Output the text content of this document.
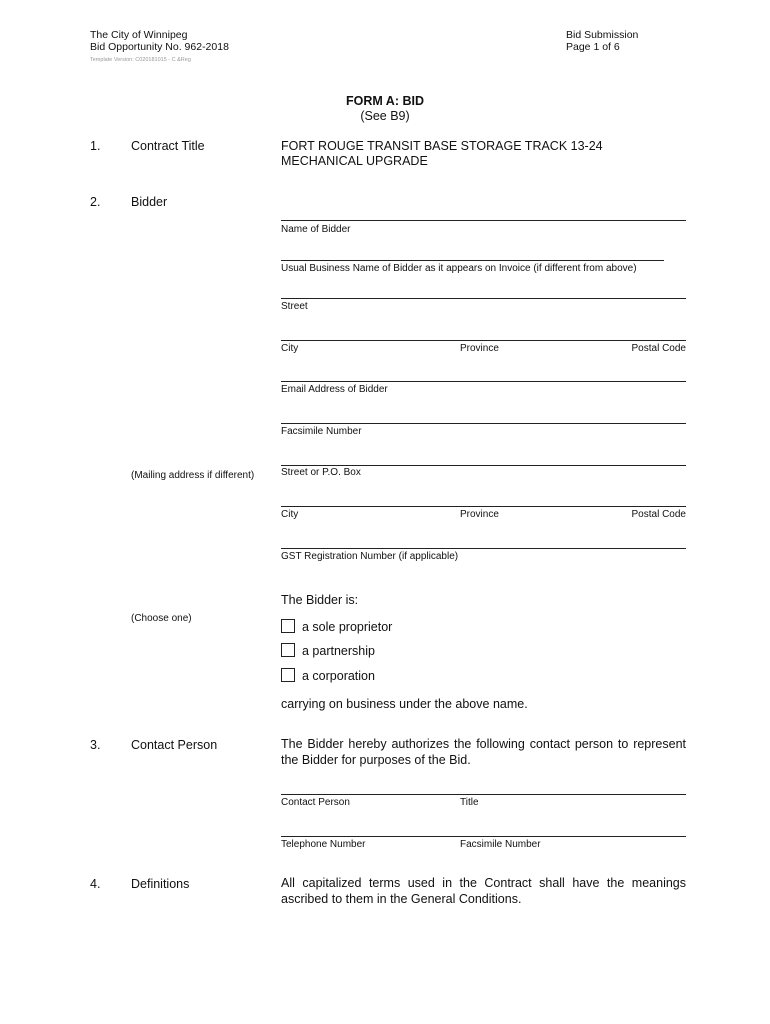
The City of Winnipeg
Bid Opportunity No. 962-2018
Template Version: C020181015 - C &Reg
Bid Submission
Page 1 of 6
FORM A: BID
(See B9)
1. Contract Title	FORT ROUGE TRANSIT BASE STORAGE TRACK 13-24
MECHANICAL UPGRADE
2. Bidder
Name of Bidder
Usual Business Name of Bidder as it appears on Invoice (if different from above)
Street
City	Province	Postal Code
Email Address of Bidder
Facsimile Number
(Mailing address if different)	Street or P.O. Box
City	Province	Postal Code
GST Registration Number (if applicable)
The Bidder is:
(Choose one)
a sole proprietor
a partnership
a corporation
carrying on business under the above name.
3. Contact Person	The Bidder hereby authorizes the following contact person to represent
the Bidder for purposes of the Bid.
Contact Person	Title
Telephone Number	Facsimile Number
4. Definitions	All capitalized terms used in the Contract shall have the meanings
ascribed to them in the General Conditions.
